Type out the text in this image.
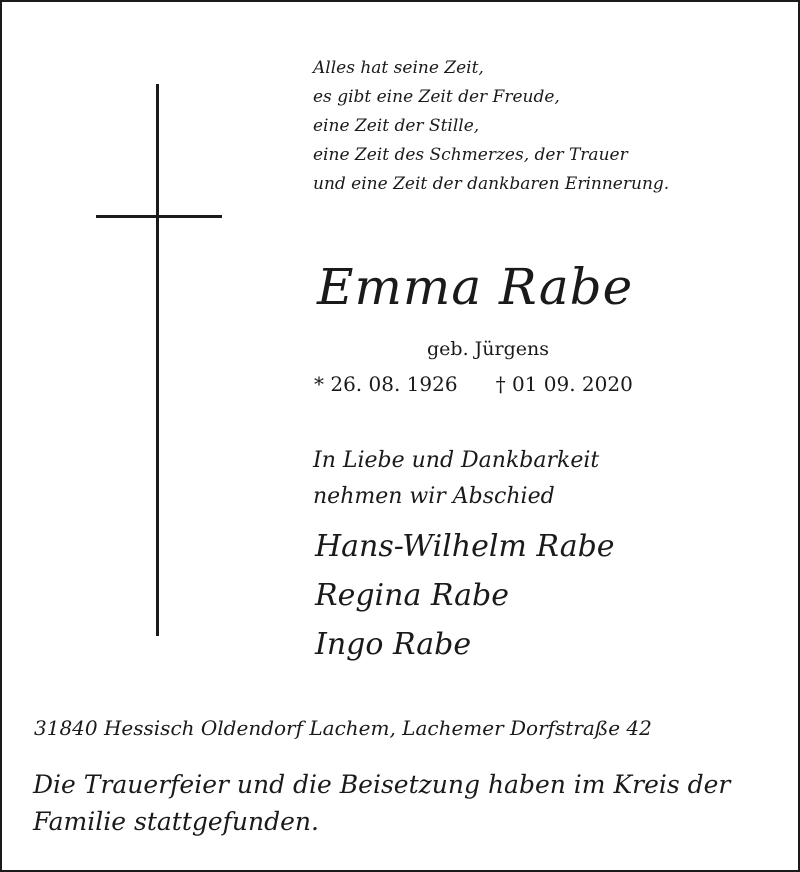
Alles hat seine Zeit,
es gibt eine Zeit der Freude,
eine Zeit der Stille,
eine Zeit des Schmerzes, der Trauer
und eine Zeit der dankbaren Erinnerung.
Emma Rabe
geb. Jürgens
* 26. 08. 1926 † 01 09. 2020
In Liebe und Dankbarkeit
nehmen wir Abschied
Hans-Wilhelm Rabe
Regina Rabe
Ingo Rabe
31840 Hessisch Oldendorf Lachem, Lachemer Dorfstraße 42
Die Trauerfeier und die Beisetzung haben im Kreis der Familie stattgefunden.
